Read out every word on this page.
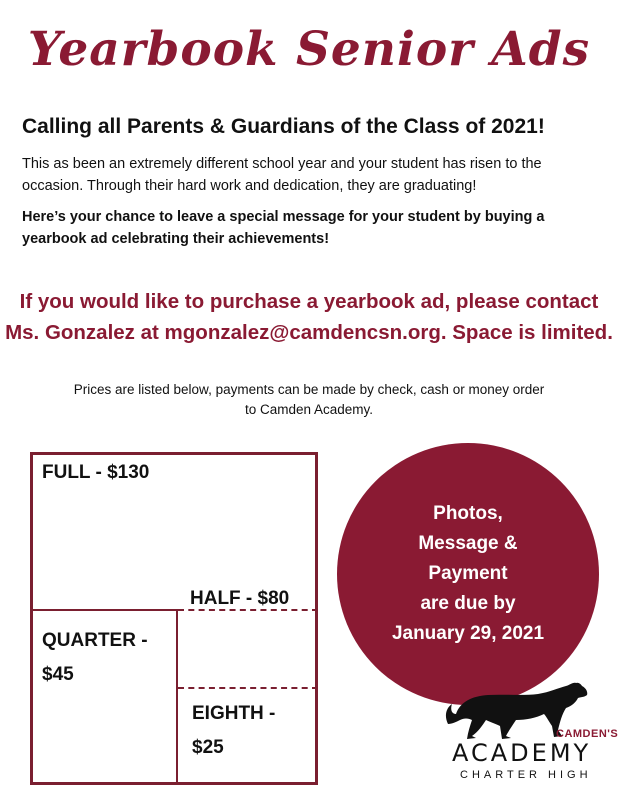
Yearbook Senior Ads
Calling all Parents & Guardians of the Class of 2021!
This as been an extremely different school year and your student has risen to the occasion. Through their hard work and dedication, they are graduating!
Here’s your chance to leave a special message for your student by buying a yearbook ad celebrating their achievements!
If you would like to purchase a yearbook ad, please contact
Ms. Gonzalez at mgonzalez@camdencsn.org. Space is limited.
Prices are listed below, payments can be made by check, cash or money order
to Camden Academy.
FULL - $130
HALF - $80
QUARTER -
$45
EIGHTH -
$25
Photos,
Message &
Payment
are due by
January 29, 2021
CAMDEN'S
ACADEMY
CHARTER HIGH
